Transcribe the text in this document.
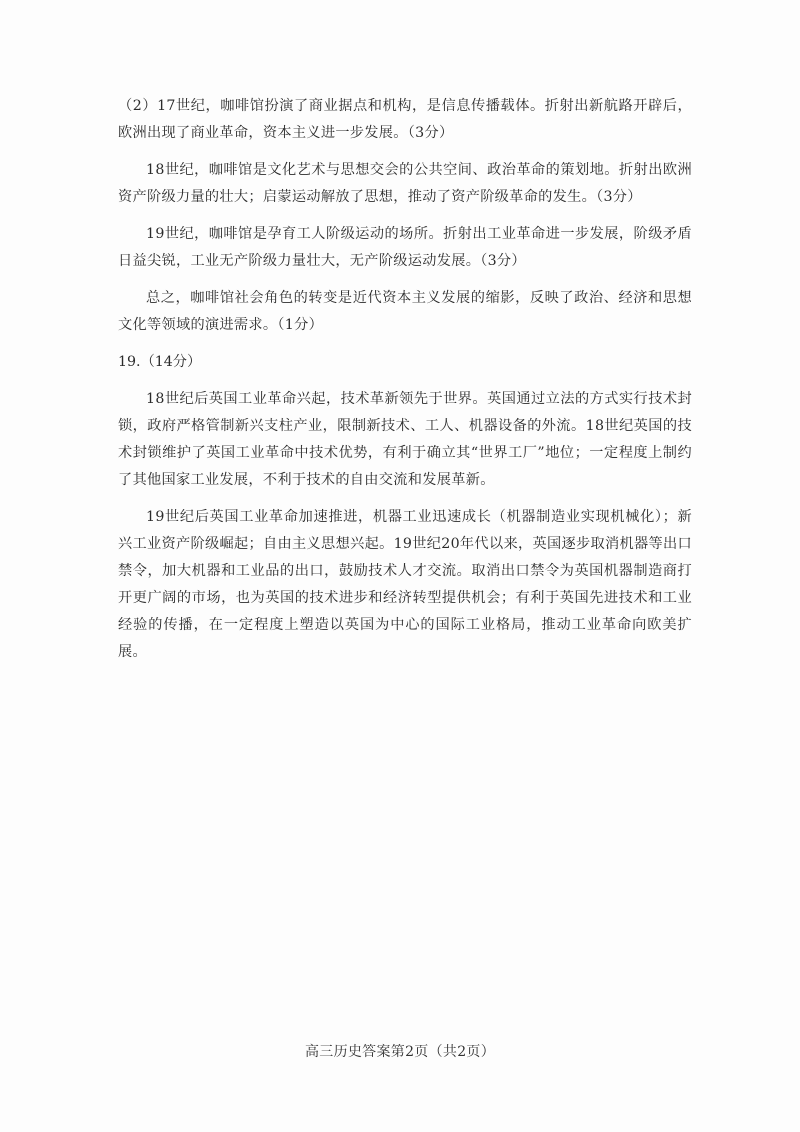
（2）17世纪，咖啡馆扮演了商业据点和机构，是信息传播载体。折射出新航路开辟后，欧洲出现了商业革命，资本主义进一步发展。（3分）

18世纪，咖啡馆是文化艺术与思想交会的公共空间、政治革命的策划地。折射出欧洲资产阶级力量的壮大；启蒙运动解放了思想，推动了资产阶级革命的发生。（3分）

19世纪，咖啡馆是孕育工人阶级运动的场所。折射出工业革命进一步发展，阶级矛盾日益尖锐，工业无产阶级力量壮大，无产阶级运动发展。（3分）

总之，咖啡馆社会角色的转变是近代资本主义发展的缩影，反映了政治、经济和思想文化等领域的演进需求。（1分）

19.（14分）

18世纪后英国工业革命兴起，技术革新领先于世界。英国通过立法的方式实行技术封锁，政府严格管制新兴支柱产业，限制新技术、工人、机器设备的外流。18世纪英国的技术封锁维护了英国工业革命中技术优势，有利于确立其“世界工厂”地位；一定程度上制约了其他国家工业发展，不利于技术的自由交流和发展革新。

19世纪后英国工业革命加速推进，机器工业迅速成长（机器制造业实现机械化）；新兴工业资产阶级崛起；自由主义思想兴起。19世纪20年代以来，英国逐步取消机器等出口禁令，加大机器和工业品的出口，鼓励技术人才交流。取消出口禁令为英国机器制造商打开更广阔的市场，也为英国的技术进步和经济转型提供机会；有利于英国先进技术和工业经验的传播，在一定程度上塑造以英国为中心的国际工业格局，推动工业革命向欧美扩展。

高三历史答案第2页（共2页）
